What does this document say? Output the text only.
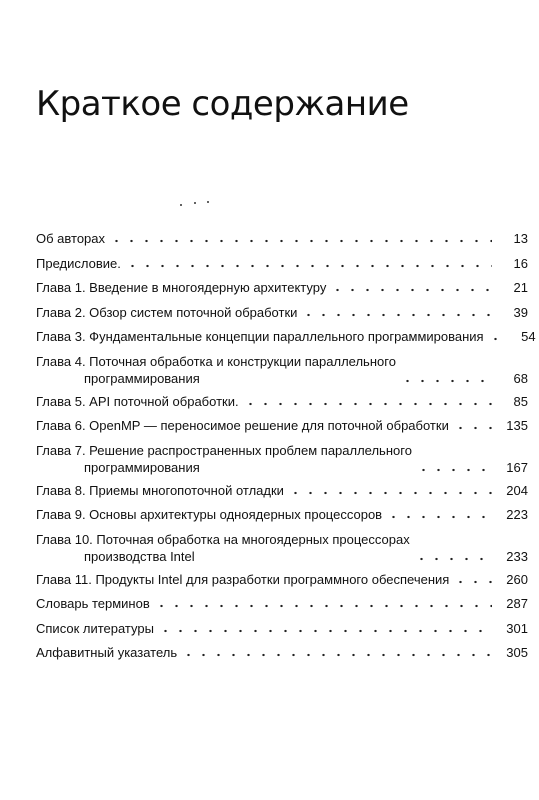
Краткое содержание
Об авторах	13
Предисловие.	16
Глава 1. Введение в многоядерную архитектуру	21
Глава 2. Обзор систем поточной обработки	39
Глава 3. Фундаментальные концепции параллельного программирования	54
Глава 4. Поточная обработка и конструкции параллельного
программирования	68
Глава 5. API поточной обработки.	85
Глава 6. OpenMP — переносимое решение для поточной обработки	135
Глава 7. Решение распространенных проблем параллельного
программирования	167
Глава 8. Приемы многопоточной отладки	204
Глава 9. Основы архитектуры одноядерных процессоров	223
Глава 10. Поточная обработка на многоядерных процессорах
производства Intel	233
Глава 11. Продукты Intel для разработки программного обеспечения	260
Словарь терминов	287
Список литературы	301
Алфавитный указатель	305
